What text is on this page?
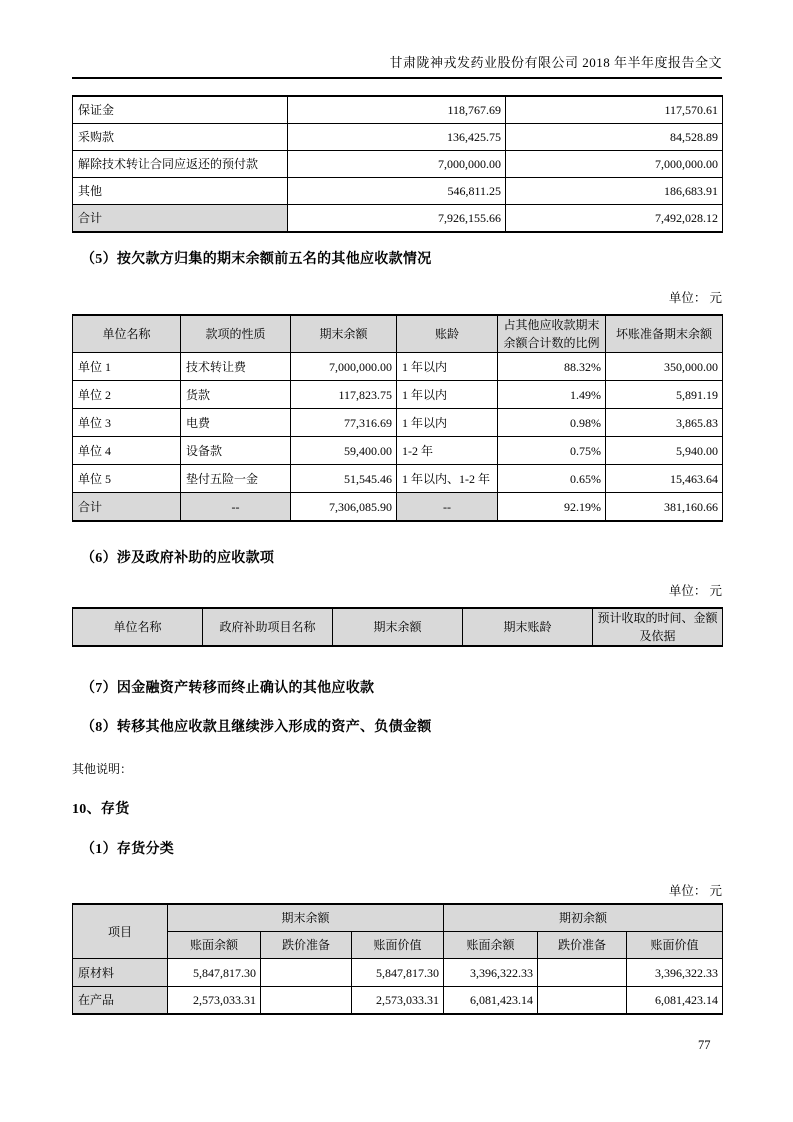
甘肃陇神戎发药业股份有限公司 2018 年半年度报告全文
保证金	118,767.69	117,570.61
采购款	136,425.75	84,528.89
解除技术转让合同应返还的预付款	7,000,000.00	7,000,000.00
其他	546,811.25	186,683.91
合计	7,926,155.66	7,492,028.12
（5）按欠款方归集的期末余额前五名的其他应收款情况
单位： 元
单位名称	款项的性质	期末余额	账龄	占其他应收款期末余额合计数的比例	坏账准备期末余额
单位 1	技术转让费	7,000,000.00	1 年以内	88.32%	350,000.00
单位 2	货款	117,823.75	1 年以内	1.49%	5,891.19
单位 3	电费	77,316.69	1 年以内	0.98%	3,865.83
单位 4	设备款	59,400.00	1-2 年	0.75%	5,940.00
单位 5	垫付五险一金	51,545.46	1 年以内、1-2 年	0.65%	15,463.64
合计	--	7,306,085.90	--	92.19%	381,160.66
（6）涉及政府补助的应收款项
单位： 元
单位名称	政府补助项目名称	期末余额	期末账龄	预计收取的时间、金额及依据
（7）因金融资产转移而终止确认的其他应收款
（8）转移其他应收款且继续涉入形成的资产、负债金额
其他说明：
10、存货
（1）存货分类
单位： 元
项目	期末余额			期初余额		
	账面余额	跌价准备	账面价值	账面余额	跌价准备	账面价值
原材料	5,847,817.30		5,847,817.30	3,396,322.33		3,396,322.33
在产品	2,573,033.31		2,573,033.31	6,081,423.14		6,081,423.14
77
